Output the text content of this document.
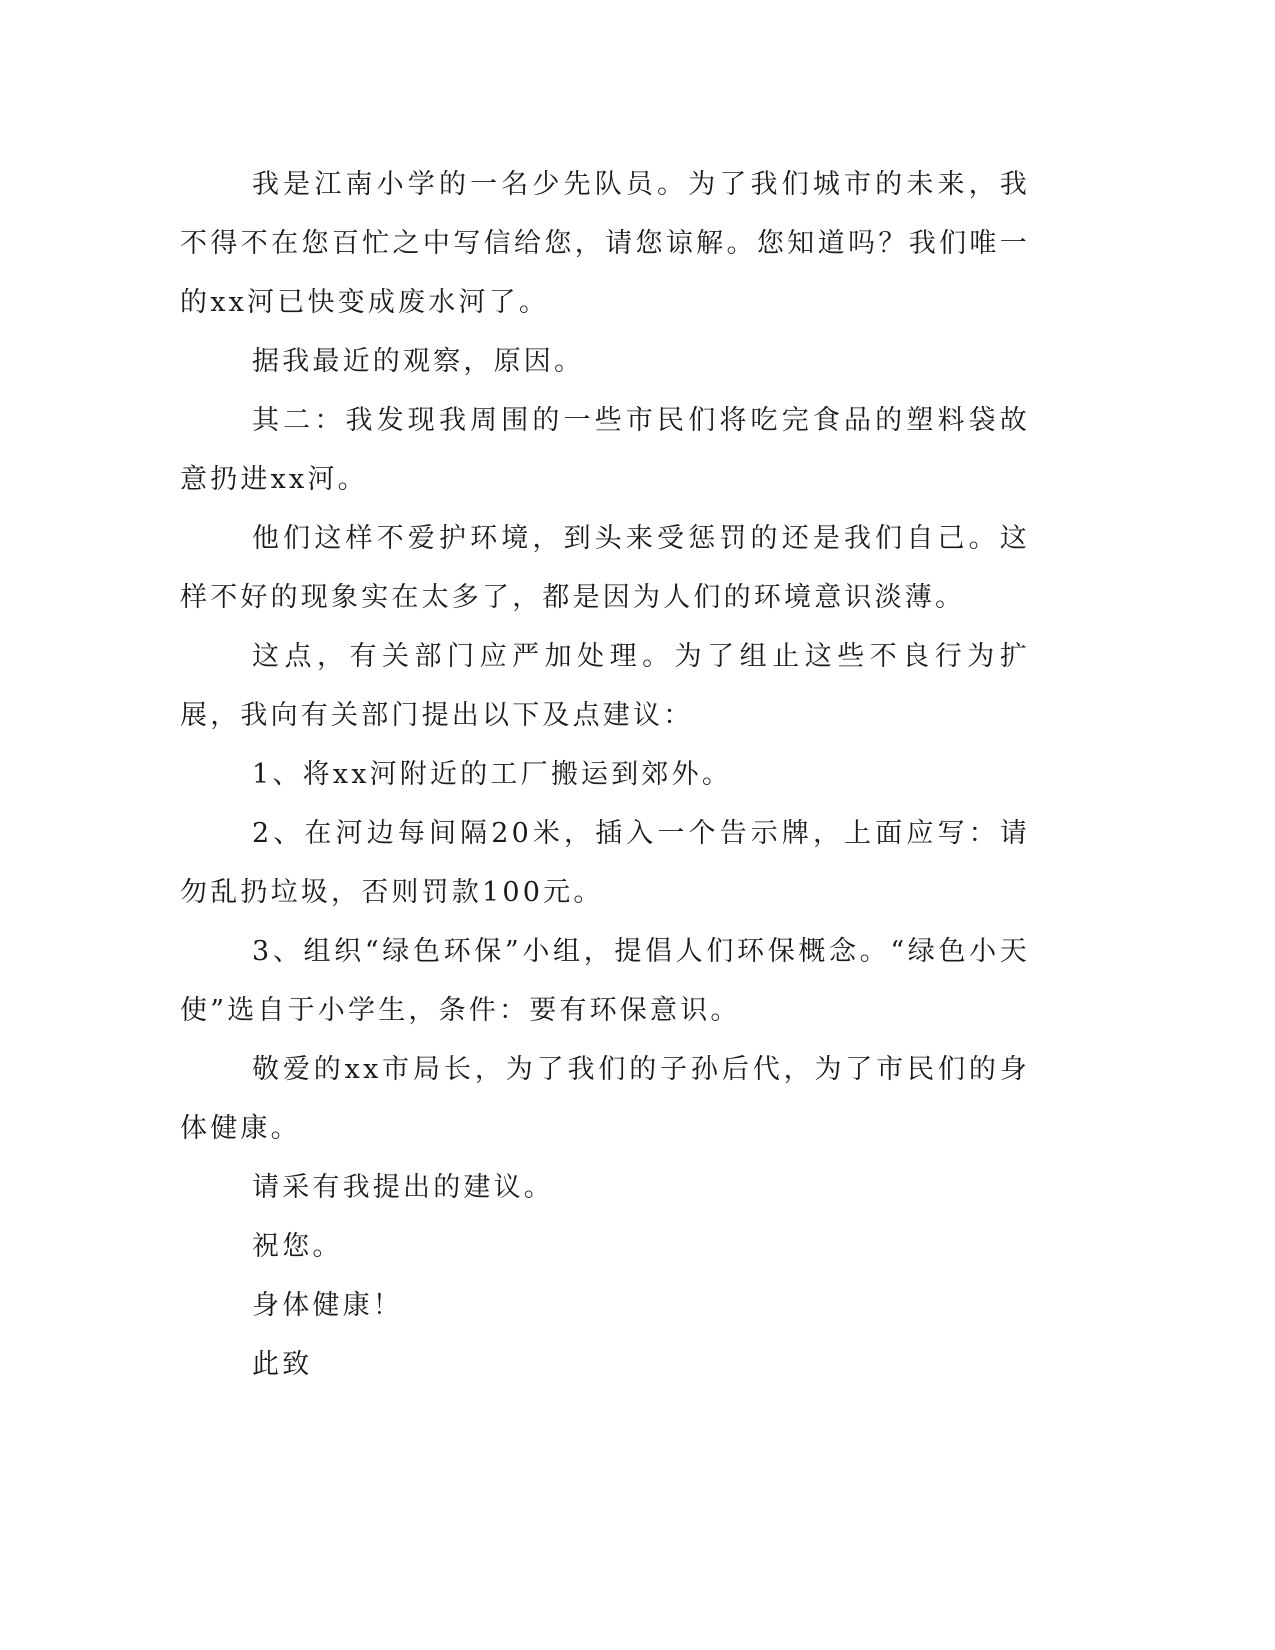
我是江南小学的一名少先队员。为了我们城市的未来，我不得不在您百忙之中写信给您，请您谅解。您知道吗？我们唯一的xx河已快变成废水河了。

据我最近的观察，原因。

其二：我发现我周围的一些市民们将吃完食品的塑料袋故意扔进xx河。

他们这样不爱护环境，到头来受惩罚的还是我们自己。这样不好的现象实在太多了，都是因为人们的环境意识淡薄。

这点，有关部门应严加处理。为了组止这些不良行为扩展，我向有关部门提出以下及点建议：

1、将xx河附近的工厂搬运到郊外。

2、在河边每间隔20米，插入一个告示牌，上面应写：请勿乱扔垃圾，否则罚款100元。

3、组织“绿色环保”小组，提倡人们环保概念。“绿色小天使”选自于小学生，条件：要有环保意识。

敬爱的xx市局长，为了我们的子孙后代，为了市民们的身体健康。

请采有我提出的建议。

祝您。

身体健康！

此致
